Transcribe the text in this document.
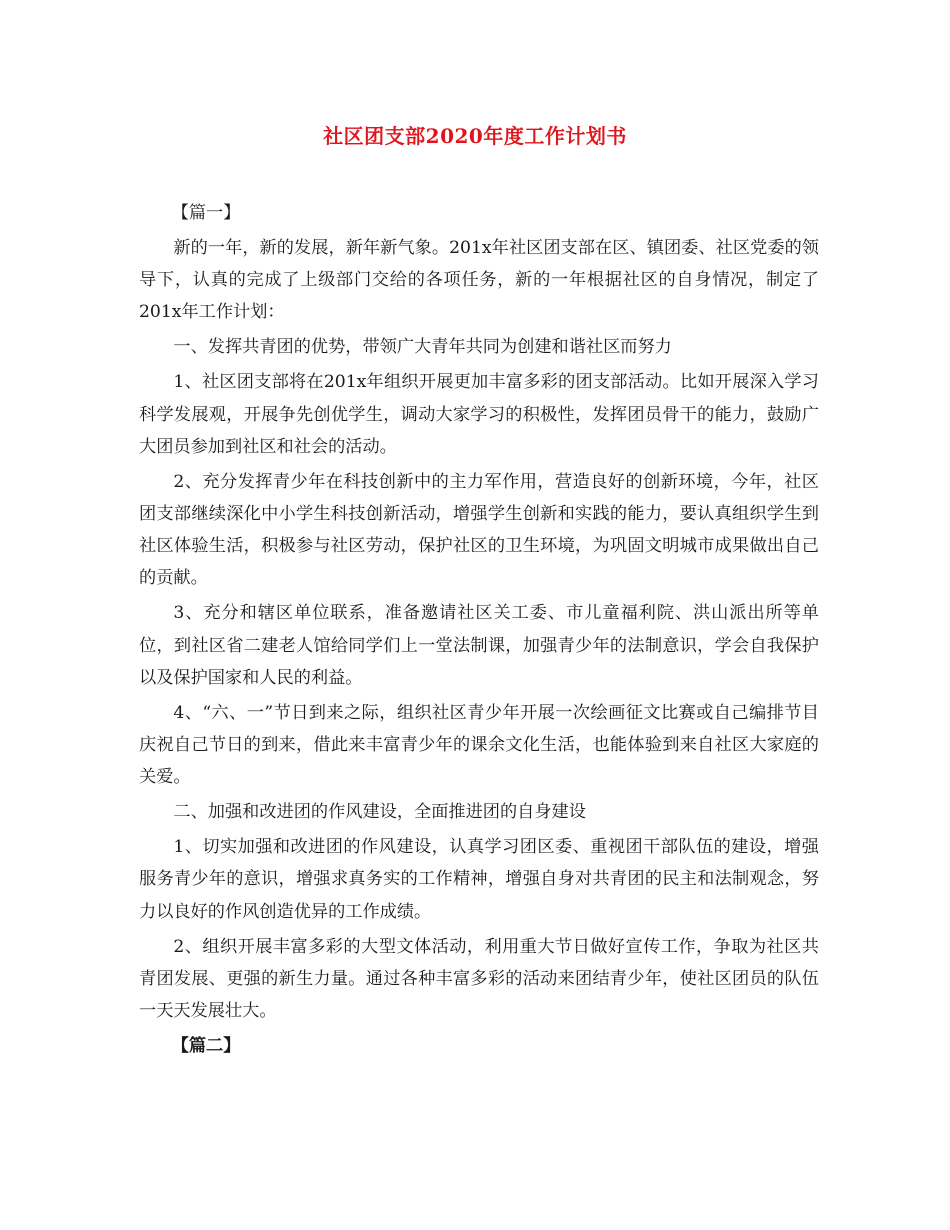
社区团支部2020年度工作计划书

【篇一】

新的一年，新的发展，新年新气象。201x年社区团支部在区、镇团委、社区党委的领导下，认真的完成了上级部门交给的各项任务，新的一年根据社区的自身情况，制定了201x年工作计划：

一、发挥共青团的优势，带领广大青年共同为创建和谐社区而努力

1、社区团支部将在201x年组织开展更加丰富多彩的团支部活动。比如开展深入学习科学发展观，开展争先创优学生，调动大家学习的积极性，发挥团员骨干的能力，鼓励广大团员参加到社区和社会的活动。

2、充分发挥青少年在科技创新中的主力军作用，营造良好的创新环境，今年，社区团支部继续深化中小学生科技创新活动，增强学生创新和实践的能力，要认真组织学生到社区体验生活，积极参与社区劳动，保护社区的卫生环境，为巩固文明城市成果做出自己的贡献。

3、充分和辖区单位联系，准备邀请社区关工委、市儿童福利院、洪山派出所等单位，到社区省二建老人馆给同学们上一堂法制课，加强青少年的法制意识，学会自我保护以及保护国家和人民的利益。

4、“六、一”节日到来之际，组织社区青少年开展一次绘画征文比赛或自己编排节目庆祝自己节日的到来，借此来丰富青少年的课余文化生活，也能体验到来自社区大家庭的关爱。

二、加强和改进团的作风建设，全面推进团的自身建设

1、切实加强和改进团的作风建设，认真学习团区委、重视团干部队伍的建设，增强服务青少年的意识，增强求真务实的工作精神，增强自身对共青团的民主和法制观念，努力以良好的作风创造优异的工作成绩。

2、组织开展丰富多彩的大型文体活动，利用重大节日做好宣传工作，争取为社区共青团发展、更强的新生力量。通过各种丰富多彩的活动来团结青少年，使社区团员的队伍一天天发展壮大。

【篇二】
